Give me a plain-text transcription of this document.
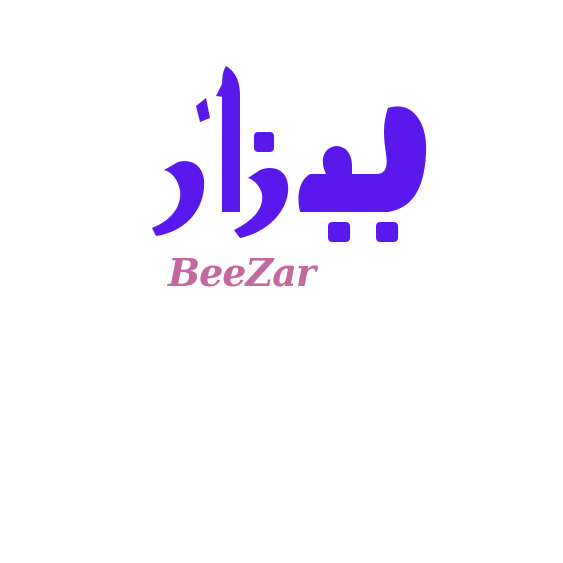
BeeZar
